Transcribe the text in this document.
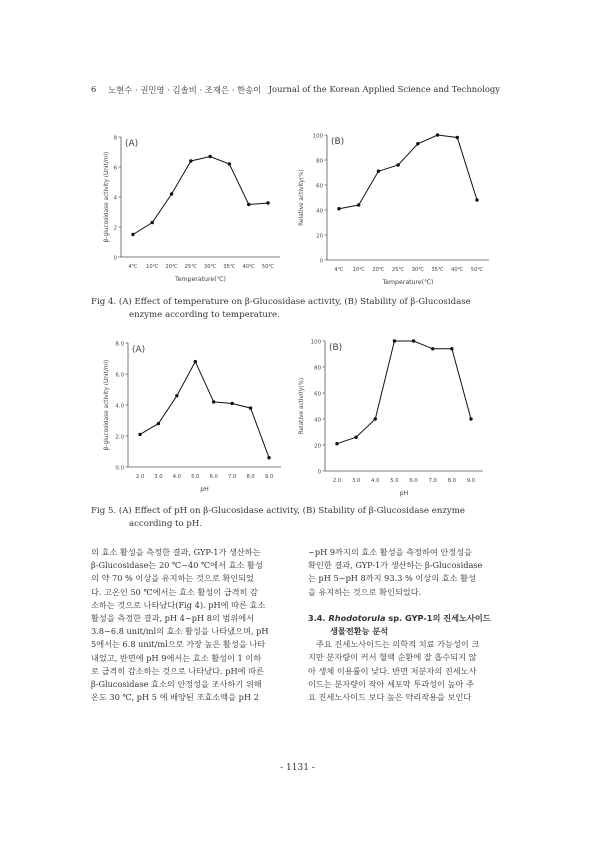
6 노현수 · 권민영 · 김솔비 · 조재은 · 한송이 Journal of the Korean Applied Science and Technology
0
2
4
6
8
4℃ 10℃ 20℃ 25℃ 30℃ 35℃ 40℃ 50℃
Temperature(℃)
β-glucosidase activity (Unit/ml)
(A)
0
20
40
60
80
100
4℃ 10℃ 20℃ 25℃ 30℃ 35℃ 40℃ 50℃
Temperature(℃)
Relative activity(%)
(B)
Fig 4. (A) Effect of temperature on β-Glucosidase activity, (B) Stability of β-Glucosidase
enzyme according to temperature.
0.0
2.0
4.0
6.0
8.0
2.0 3.0 4.0 5.0 6.0 7.0 8.0 9.0
pH
β-glucosidase activity (Unit/ml)
(A)
0
20
40
60
80
100
2.0 3.0 4.0 5.0 6.0 7.0 8.0 9.0
pH
Relative activity(%)
(B)
Fig 5. (A) Effect of pH on β-Glucosidase activity, (B) Stability of β-Glucosidase enzyme
according to pH.

의 효소 활성을 측정한 결과, GYP-1가 생산하는

β-Glucosidase는 20 ℃~40 ℃에서 효소 활성

의 약 70 % 이상을 유지하는 것으로 확인되었

다. 고온인 50 ℃에서는 효소 활성이 급격히 감

소하는 것으로 나타났다(Fig 4). pH에 따른 효소

활성을 측정한 결과, pH 4~pH 8의 범위에서

3.8~6.8 unit/ml의 효소 활성을 나타냈으며, pH

5에서는 6.8 unit/ml으로 가장 높은 활성을 나타

내었고, 반면에 pH 9에서는 효소 활성이 1 이하

로 급격히 감소하는 것으로 나타났다. pH에 따른

β-Glucosidase 효소의 안정성을 조사하기 위해

온도 30 ℃, pH 5 에 배양된 조효소액을 pH 2

~pH 9까지의 효소 활성을 측정하여 안정성을

확인한 결과, GYP-1가 생산하는 β-Glucosidase

는 pH 5~pH 8까지 93.3 % 이상의 효소 활성

을 유지하는 것으로 확인되었다.

3.4. Rhodotorula sp. GYP-1의 진세노사이드
생물전환능 분석

주요 진세노사이드는 의학적 치료 가능성이 크

지만 분자량이 커서 혈액 순환에 잘 흡수되지 않

아 생체 이용률이 낮다. 반면 저분자의 진세노사

이드는 분자량이 작아 세포막 투과성이 높아 주

요 진세노사이드 보다 높은 약리작용을 보인다

- 1131 -
